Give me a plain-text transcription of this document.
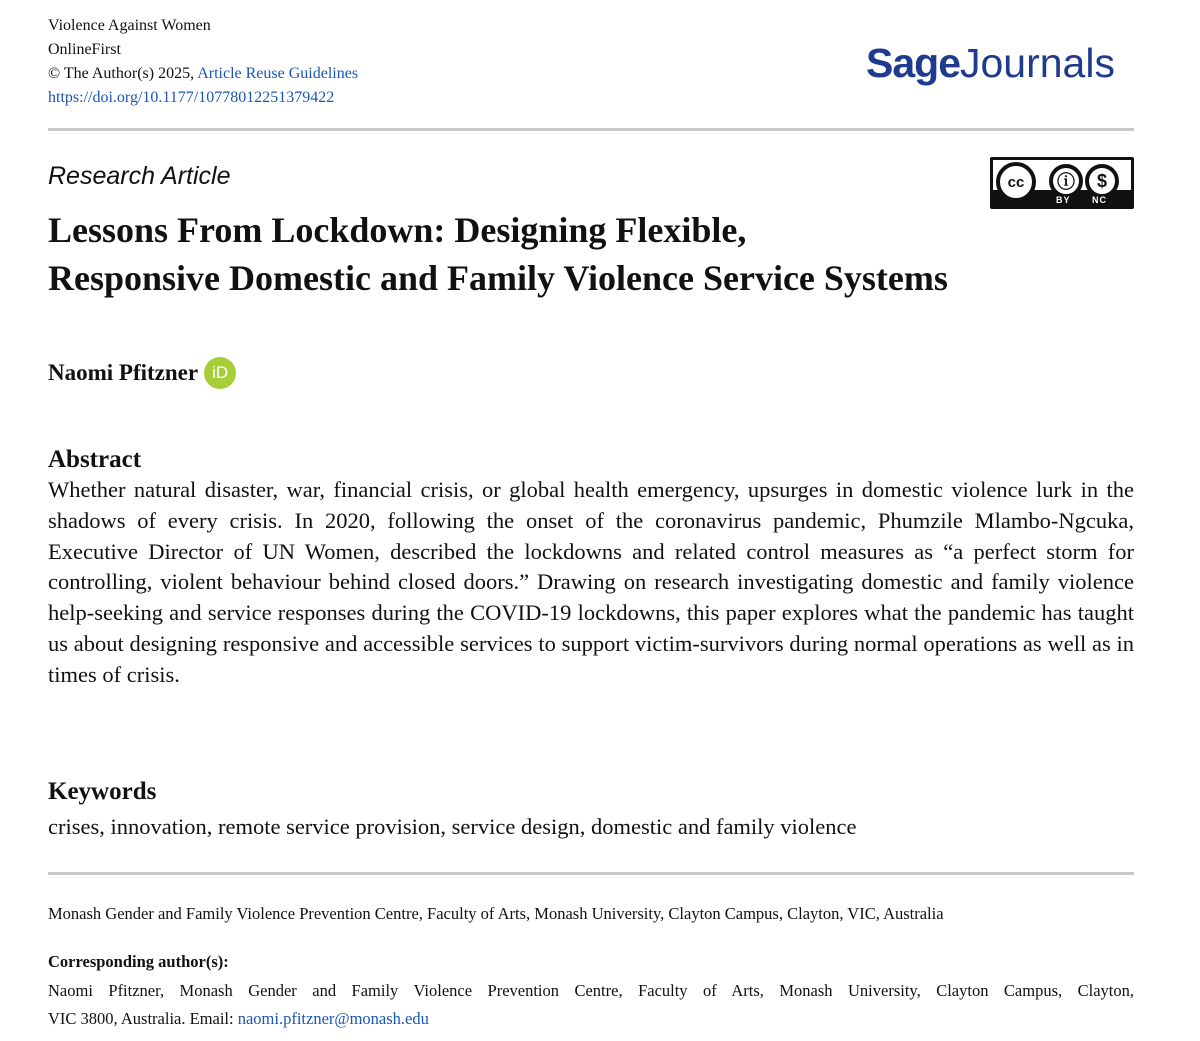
Violence Against Women
OnlineFirst
© The Author(s) 2025, Article Reuse Guidelines
https://doi.org/10.1177/10778012251379422
SageJournals
Research Article	cc	ⓘ	$
BY NC
Lessons From Lockdown: Designing Flexible,
Responsive Domestic and Family Violence Service Systems
Naomi Pfitzner iD
Abstract

Whether natural disaster, war, financial crisis, or global health emergency, upsurges in domestic violence lurk in the shadows of every crisis. In 2020, following the onset of the coronavirus pandemic, Phumzile Mlambo-Ngcuka, Executive Director of UN Women, described the lockdowns and related control measures as “a perfect storm for controlling, violent behaviour behind closed doors.” Drawing on research investigating domestic and family violence help-seeking and service responses during the COVID-19 lockdowns, this paper explores what the pandemic has taught us about designing responsive and accessible services to support victim-survivors during normal operations as well as in times of crisis.

Keywords

crises, innovation, remote service provision, service design, domestic and family violence

Monash Gender and Family Violence Prevention Centre, Faculty of Arts, Monash University, Clayton Campus, Clayton, VIC, Australia

Corresponding author(s):
Naomi Pfitzner, Monash Gender and Family Violence Prevention Centre, Faculty of Arts, Monash University, Clayton Campus, Clayton,
VIC 3800, Australia. Email: naomi.pfitzner@monash.edu
